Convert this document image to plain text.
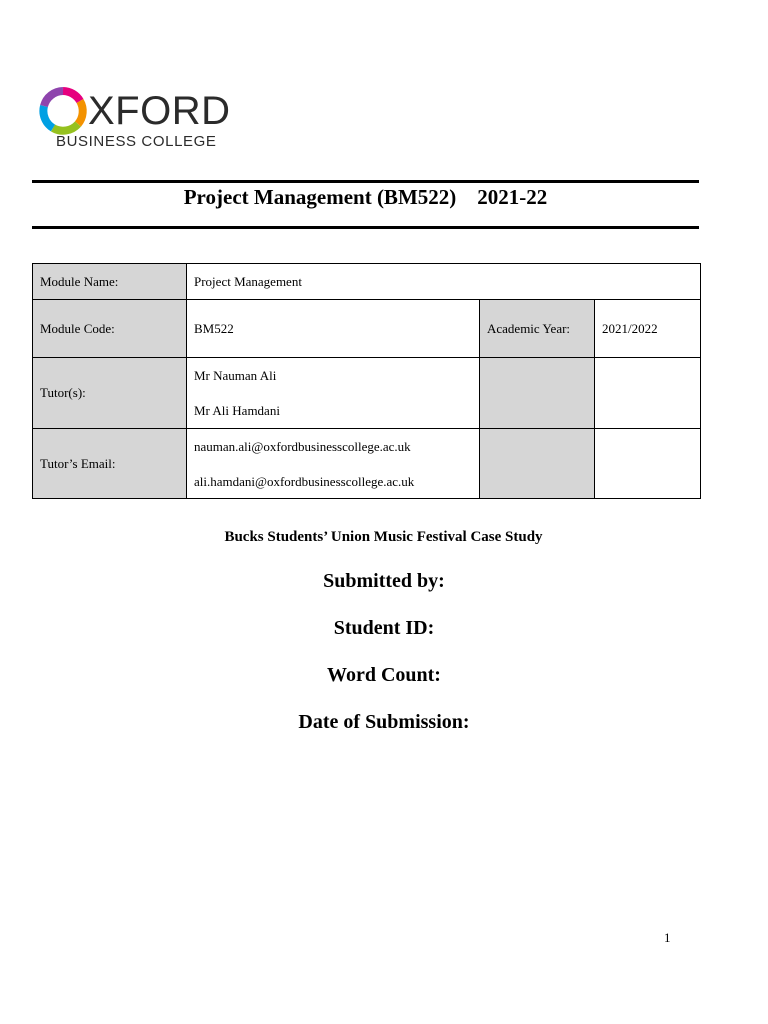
XFORD
BUSINESS COLLEGE
Project Management (BM522)    2021-22
Module Name:	Project Management		
Module Code:	BM522	Academic Year:	2021/2022
Tutor(s):	Mr Nauman Ali
Mr Ali Hamdani		

Tutor’s Email:	nauman.ali@oxfordbusinesscollege.ac.uk
ali.hamdani@oxfordbusinesscollege.ac.uk		

Bucks Students’ Union Music Festival Case Study
Submitted by:
Student ID:
Word Count:
Date of Submission:
1
